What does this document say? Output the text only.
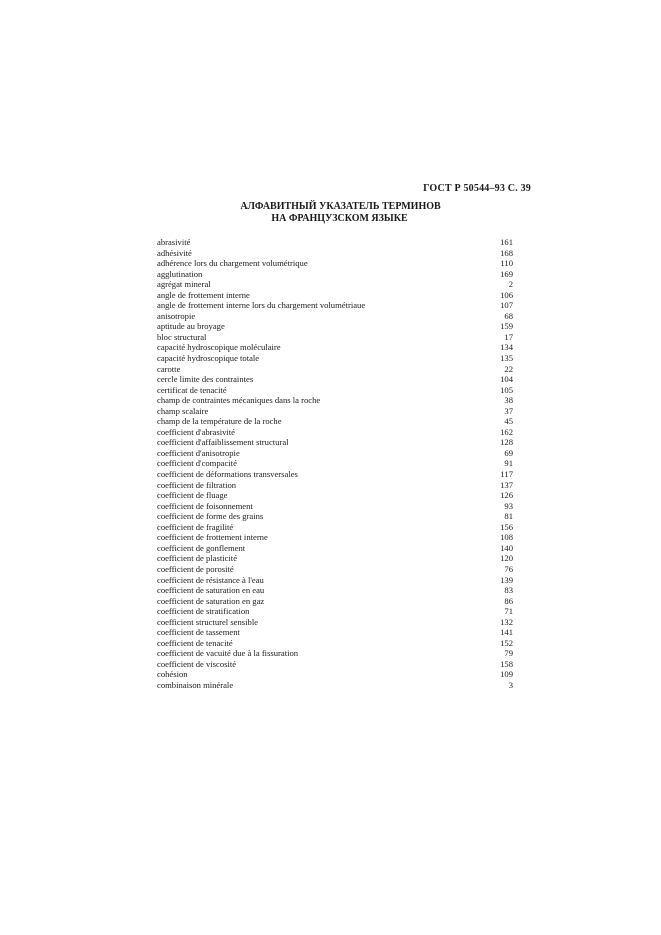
ГОСТ Р 50544–93 С. 39
АЛФАВИТНЫЙ УКАЗАТЕЛЬ ТЕРМИНОВ
НА ФРАНЦУЗСКОМ ЯЗЫКЕ
abrasivité	161
adhésivité	168
adhérence lors du chargement volumétrique	110
agglutination	169
agrégat mineral	2
angle de frottement interne	106
angle de frottement interne lors du chargement volumétriaue	107
anisotropie	68
aptitude au broyage	159
bloc structural	17
capacité hydroscopique moléculaire	134
capacité hydroscopique totale	135
carotte	22
cercle limite des contraintes	104
certificat de tenacité	105
champ de contraintes mécaniques dans la roche	38
champ scalaire	37
champ de la température de la roche	45
coefficient d'abrasivité	162
coefficient d'affaiblissement structural	128
coefficient d'anisotropie	69
coefficient d'compacité	91
coefficient de déformations transversales	117
coefficient de filtration	137
coefficient de fluage	126
coefficient de foisonnement	93
coefficient de forme des grains	81
coefficient de fragilité	156
coefficient de frottement interne	108
coefficient de gonflement	140
coefficient de plasticité	120
coefficient de porosité	76
coefficient de résistance à l'eau	139
coefficient de saturation en eau	83
coefficient de saturation en gaz	86
coefficient de stratification	71
coefficient structurel sensible	132
coefficient de tassement	141
coefficient de tenacité	152
coefficient de vacuité due à la fissuration	79
coefficient de viscosité	158
cohésion	109
combinaison minérale	3
